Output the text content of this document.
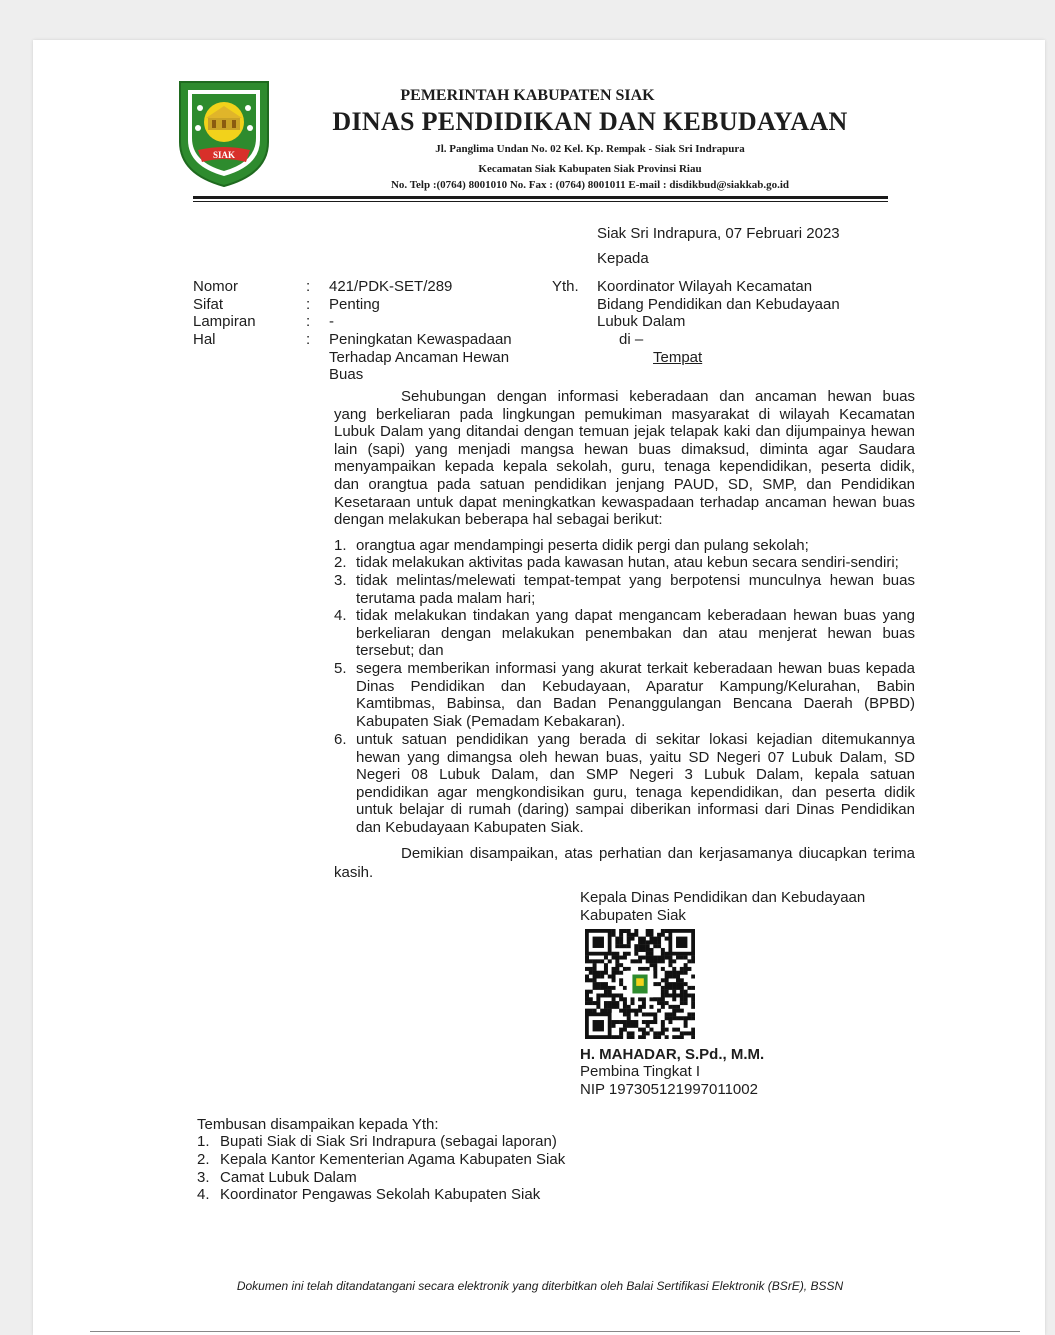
SIAK
PEMERINTAH KABUPATEN SIAK
DINAS PENDIDIKAN DAN KEBUDAYAAN
Jl. Panglima Undan No. 02 Kel. Kp. Rempak - Siak Sri Indrapura
Kecamatan Siak Kabupaten Siak Provinsi Riau
No. Telp :(0764) 8001010 No. Fax : (0764) 8001011 E-mail : disdikbud@siakkab.go.id
Siak Sri Indrapura, 07 Februari 2023
Kepada
Nomor	: 421/PDK-SET/289
Sifat	: Penting
Lampiran	: -
Hal	: Peningkatan Kewaspadaan
Terhadap Ancaman Hewan
Buas
Yth. Koordinator Wilayah Kecamatan
Bidang Pendidikan dan Kebudayaan
Lubuk Dalam
di –
Tempat
Sehubungan dengan informasi keberadaan dan ancaman hewan buas
yang berkeliaran pada lingkungan pemukiman masyarakat di wilayah Kecamatan
Lubuk Dalam yang ditandai dengan temuan jejak telapak kaki dan dijumpainya hewan
lain (sapi) yang menjadi mangsa hewan buas dimaksud, diminta agar Saudara
menyampaikan kepada kepala sekolah, guru, tenaga kependidikan, peserta didik,
dan orangtua pada satuan pendidikan jenjang PAUD, SD, SMP, dan Pendidikan
Kesetaraan untuk dapat meningkatkan kewaspadaan terhadap ancaman hewan buas
dengan melakukan beberapa hal sebagai berikut:
1. orangtua agar mendampingi peserta didik pergi dan pulang sekolah;

2. tidak melakukan aktivitas pada kawasan hutan, atau kebun secara sendiri-sendiri;

3. tidak melintas/melewati tempat-tempat yang berpotensi munculnya hewan buas

terutama pada malam hari;

4. tidak melakukan tindakan yang dapat mengancam keberadaan hewan buas yang

berkeliaran dengan melakukan penembakan dan atau menjerat hewan buas

tersebut; dan

5. segera memberikan informasi yang akurat terkait keberadaan hewan buas kepada

Dinas Pendidikan dan Kebudayaan, Aparatur Kampung/Kelurahan, Babin

Kamtibmas, Babinsa, dan Badan Penanggulangan Bencana Daerah (BPBD)

Kabupaten Siak (Pemadam Kebakaran).

6. untuk satuan pendidikan yang berada di sekitar lokasi kejadian ditemukannya

hewan yang dimangsa oleh hewan buas, yaitu SD Negeri 07 Lubuk Dalam, SD

Negeri 08 Lubuk Dalam, dan SMP Negeri 3 Lubuk Dalam, kepala satuan

pendidikan agar mengkondisikan guru, tenaga kependidikan, dan peserta didik

untuk belajar di rumah (daring) sampai diberikan informasi dari Dinas Pendidikan

dan Kebudayaan Kabupaten Siak.

Demikian disampaikan, atas perhatian dan kerjasamanya diucapkan terima
kasih.
Kepala Dinas Pendidikan dan Kebudayaan
Kabupaten Siak
H. MAHADAR, S.Pd., M.M.
Pembina Tingkat I
NIP 197305121997011002
Tembusan disampaikan kepada Yth:
1. Bupati Siak di Siak Sri Indrapura (sebagai laporan)
2. Kepala Kantor Kementerian Agama Kabupaten Siak
3. Camat Lubuk Dalam
4. Koordinator Pengawas Sekolah Kabupaten Siak
Dokumen ini telah ditandatangani secara elektronik yang diterbitkan oleh Balai Sertifikasi Elektronik (BSrE), BSSN
